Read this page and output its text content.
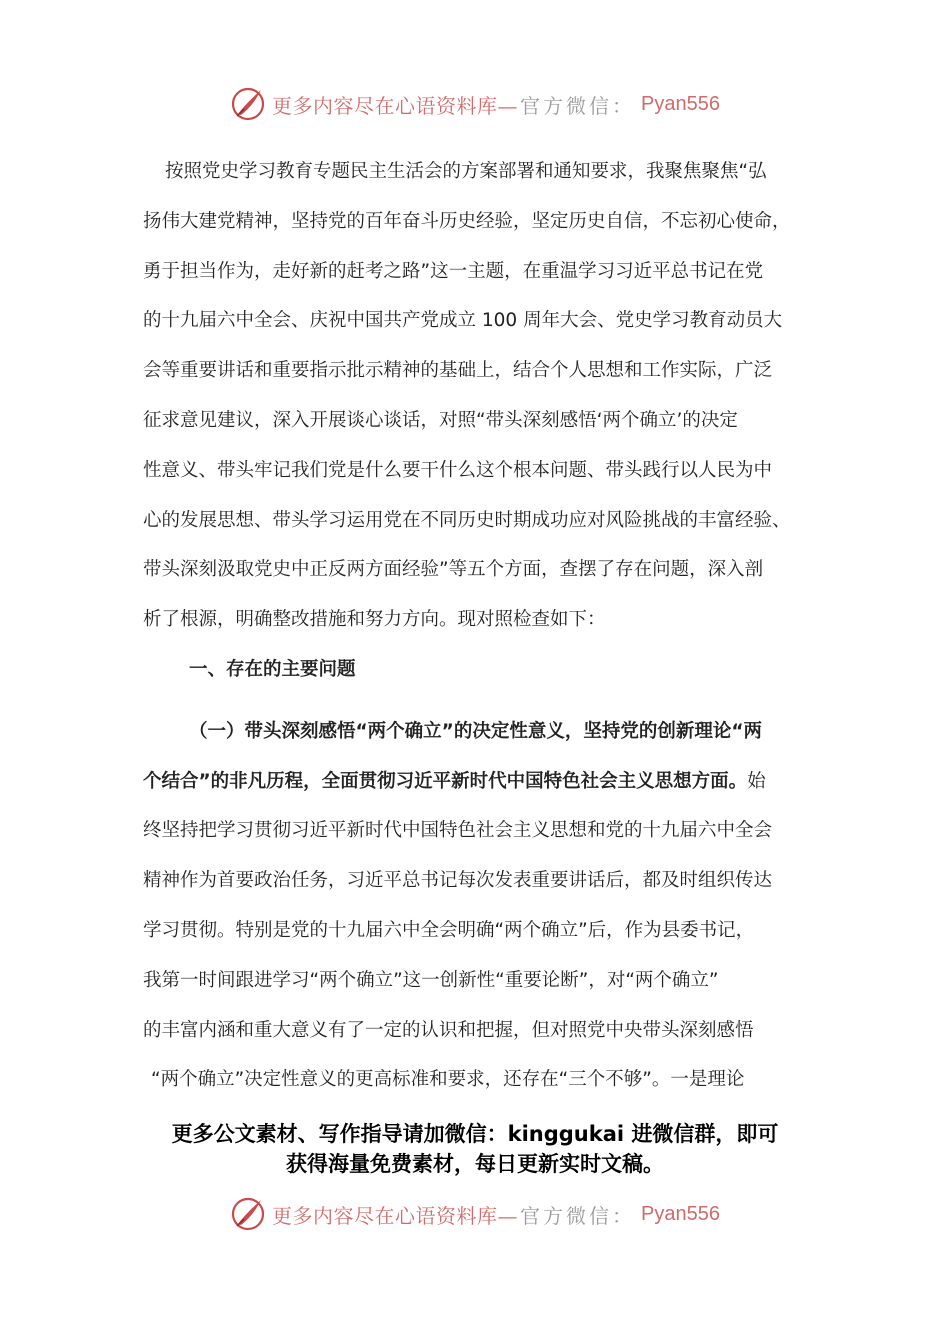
更多内容尽在心语资料库— 官方微信： Pyan556
按照党史学习教育专题民主生活会的方案部署和通知要求，我聚焦聚焦“弘
扬伟大建党精神，坚持党的百年奋斗历史经验，坚定历史自信，不忘初心使命，
勇于担当作为，走好新的赶考之路”这一主题，在重温学习习近平总书记在党
的十九届六中全会、庆祝中国共产党成立 100 周年大会、党史学习教育动员大
会等重要讲话和重要指示批示精神的基础上，结合个人思想和工作实际，广泛
征求意见建议，深入开展谈心谈话，对照“带头深刻感悟‘两个确立’的决定
性意义、带头牢记我们党是什么要干什么这个根本问题、带头践行以人民为中
心的发展思想、带头学习运用党在不同历史时期成功应对风险挑战的丰富经验、
带头深刻汲取党史中正反两方面经验”等五个方面，查摆了存在问题，深入剖
析了根源，明确整改措施和努力方向。现对照检查如下：
一、存在的主要问题
（一）带头深刻感悟“两个确立”的决定性意义，坚持党的创新理论“两
个结合”的非凡历程，全面贯彻习近平新时代中国特色社会主义思想方面。始
终坚持把学习贯彻习近平新时代中国特色社会主义思想和党的十九届六中全会
精神作为首要政治任务，习近平总书记每次发表重要讲话后，都及时组织传达
学习贯彻。特别是党的十九届六中全会明确“两个确立”后，作为县委书记，
我第一时间跟进学习“两个确立”这一创新性“重要论断”，对“两个确立”
的丰富内涵和重大意义有了一定的认识和把握，但对照党中央带头深刻感悟
“两个确立”决定性意义的更高标准和要求，还存在“三个不够”。一是理论
更多公文素材、写作指导请加微信：kinggukai 进微信群，即可
获得海量免费素材，每日更新实时文稿。
更多内容尽在心语资料库— 官方微信： Pyan556
